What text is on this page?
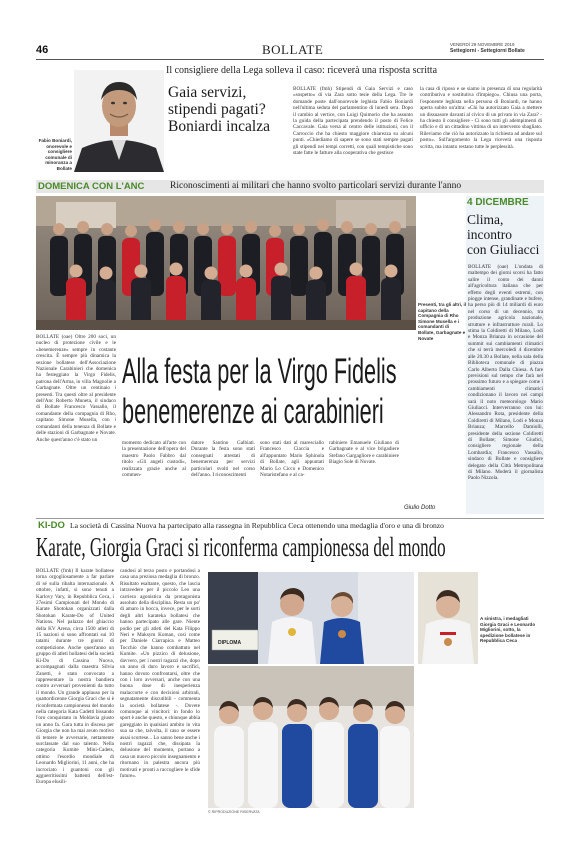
46	BOLLATE	VENERDÌ 29 NOVEMBRE 2019
Settegiorni - Settegiorni Bollate
Il consigliere della Lega solleva il caso: riceverà una risposta scritta
Fabio Boniardi, onorevole e consigliere comunale di minoranza a Bollate
Gaia servizi,
stipendi pagati?
Boniardi incalza
BOLLATE (fmh) Stipendi di Gaia Servizi e caso «sospetto» di via Zara sotto tesie della Lega. Tre le domande poste dall'onorevole leghista Fabio Boniardi nell'ultima seduta del parlamentino di lunedì sera. Dopo il cambio al vertice, con Luigi Quimorio che ha assunto la guida della partecipata prendendo il posto di Felice Caccavale. Gaia versa al centro delle istituzioni, con il Carroccio che ha chiesto maggiore chiarezza su alcuni punti. «Chiediamo di sapere se sono stati sempre pagati gli stipendi nei tempi corretti, con quali tempistiche sono state fatte le fatture alla cooperativa che gestisce
la casa di riposo e se siamo in presenza di una regolarità contributiva e sostitutiva d'impiego». Chiusa una porta, l'esponente leghista nella persona di Boniardi, ne hanno aperta subito un'altra: «Chi ha autorizzato Gaia a mettere un dissuasore davanti al civico di un privato in via Zara? - ha chiesto il consigliere - Ci sono tutti gli adempimenti di ufficio e di un cittadino vittima di un intervento sbagliato. Rileviamo che ciò ha autorizzato la richiesta ad andare sul posto». Sull'argomento la Lega riceverà una risposta scritta, ma intanto restano tutte le perplessità.
DOMENICA CON L'ANC	Riconoscimenti ai militari che hanno svolto particolari servizi durante l'anno
Presenti, tra gli altri, il capitano della Compagnia di Rho Simone Musella e i comandanti di Bollate, Garbagnate e Novate
BOLLATE (oae) Oltre 200 soci, un nucleo di protezione civile e le «benemerenze» sempre in costante crescita. È sempre più dinamica la sezione bollatese dell'Associazione Nazionale Carabinieri che domenica ha festeggiato la Virgo Fidelis, patrona dell'Arma, in villa Magnolie a Garbagnate. Oltre un centinaio i presenti. Tra questi oltre al presidente dell'Anc Roberto Muneta, il sindaco di Bollate Francesco Vassallo, il comandante della compagnia di Rho, capitano Simone Musella, con i comandanti della tenenza di Bollate e delle stazioni di Garbagnate e Novate. Anche quest'anno c'è stato un
Alla festa per la Virgo Fidelis
benemerenze ai carabinieri
momento dedicato all'arte con la presentazione dell'opera del maestro Paolo Fabbro dal titolo «Gli angeli custodi», realizzata grazie anche al commen-
datore Santino Galbiati. Durante la festa sono stati consegnati attestati di benemerenza per servizi particolari svolti nel corso dell'anno. I riconoscimenti
sono stati dati al maresciallo Francesco Ciaccia e all'appuntato Mario Sphinola di Bollate, agli appuntati Mario Lo Cicco e Domenico Notaristefano e al ca-
rabiniere Emanuele Giuliano di Garbagnate e al vice brigadiere Stefano Gargagliore e carabiniere Biagio Sole di Novate.
Giulio Dotto
4 DICEMBRE
Clima,
incontro
con Giuliacci
BOLLATE (oae) L'ondata di maltempo dei giorni scorsi ha fatto salire il conto dei danni all'agricoltura italiana che per effetto degli eventi estremi, con piogge intense, grandinate e bufere, ha perso più di 14 miliardi di euro nel corso di un decennio, tra produzione agricola nazionale, strutture e infrastrutture rurali. Lo stima la Coldiretti di Milano, Lodi e Monza Brianza in occasione del summit sui cambiamenti climatici che si terrà mercoledì 4 dicembre alle 20.30 a Bollate, nella sala della Biblioteca comunale di piazza Carlo Alberto Dalla Chiesa. A fare previsioni sul tempo che farà nel prossimo futuro e a spiegare come i cambiamenti climatici condizionano il lavoro nei campi sarà il noto meteorologo Mario Giuliacci. Interverranno con lui: Alessandro Rota, presidente della Coldiretti di Milano, Lodi e Monza Brianza; Marcello Damiolli, presidente della sezione Coldiretti di Bollate; Simone Giudici, consigliere regionale della Lombardia; Francesco Vassallo, sindaco di Bollate e consigliere delegato della Città Metropolitana di Milano. Moderà il giornalista Paolo Nizzola.
KI-DO La società di Cassina Nuova ha partecipato alla rassegna in Repubblica Ceca ottenendo una medaglia d'oro e una di bronzo
Karate, Giorgia Graci si riconferma campionessa del mondo
BOLLATE (fmh) Il karate bollatese torna orgogliosamente a far parlare di sé sulla ribalta internazionale. A ottobre, infatti, si sono tenuti a Karlovy Vary, in Repubblica Ceca, i 27esimi Campionati del Mondo di Karate Shotokan organizzati dalla Shotokan Karate-Do of United Nations. Nel palazzo del ghiaccio della KV Arena, circa 1500 atleti di 15 nazioni si sono affrontati sui 10 tatami durante tre giorni di competizione. Anche quest'anno un gruppo di atleti bollatesi della società Ki-Do di Cassina Nuova, accompagnati dalla maestra Silvia Zanetti, è stato convocato a rappresentare la nostra bandiera contro avversari provenienti da tutto il mondo. Un grande applauso per la quattordicenne Giorgia Graci che si è riconfermata campionessa del mondo nella categoria Kata Cadetti bissando l'oro conquistato in Moldavia giusto un anno fa. Gara tutta in discesa per Giorgia che non ha mai avuto motivo di temere le avversarie, nettamente surclassate dal suo talento. Nella categoria Kumite Mini-Cadets, ottimo l'esordio mondiale di Leonardo Migliorini, 11 anni, che ha incrociato i guantoni con gli agguerritissimi battenti dell'est-Europa elusili-
candosi al terzo posto e portandosi a casa una preziosa medaglia di bronzo. Risultato esaltante, questo, che lascia intravedere per il piccolo Leo una carriera agonistica da protagonista assoluto della disciplina. Resta un po' di amaro in bocca, invece, per le sorti degli altri karateka bollatesi che hanno partecipato alle gare. Niente podio per gli atleti del Kata Filippo Neri e Maksym Koman, così come per Daniele Ciarrapica e Matteo Tocchio che hanno combattuto nel Kumite. «Un pizzico di delusione, davvero, per i nostri ragazzi che, dopo un anno di duro lavoro e sacrifici, hanno dovuto confrontarsi, oltre che con i loro avversari, anche con una buona dose di inesperienza malaccorte e con decisioni arbitrali, segnatamente discutibili - commenta la società bollatese -. Dovete comunque ai vincitori: in fondo lo sport è anche questo, e chiunque abbia gareggiato in qualsiasi ambito in vita sua sa che, talvolta, il caso se essere assai scortese... Lo sanno bene anche i nostri ragazzi che, dissipata la delusione del momento, portano a casa un nuovo piccolo insegnamento e ritornano in palestra ancora più motivati e pronti a raccogliere le sfide future».
DIPLOMA
A sinistra, i medagliati Giorgia Graci e Leonardo Migliorini, sotto, la spedizione bollatese in Repubblica Ceca
© RIPRODUZIONE RISERVATA
